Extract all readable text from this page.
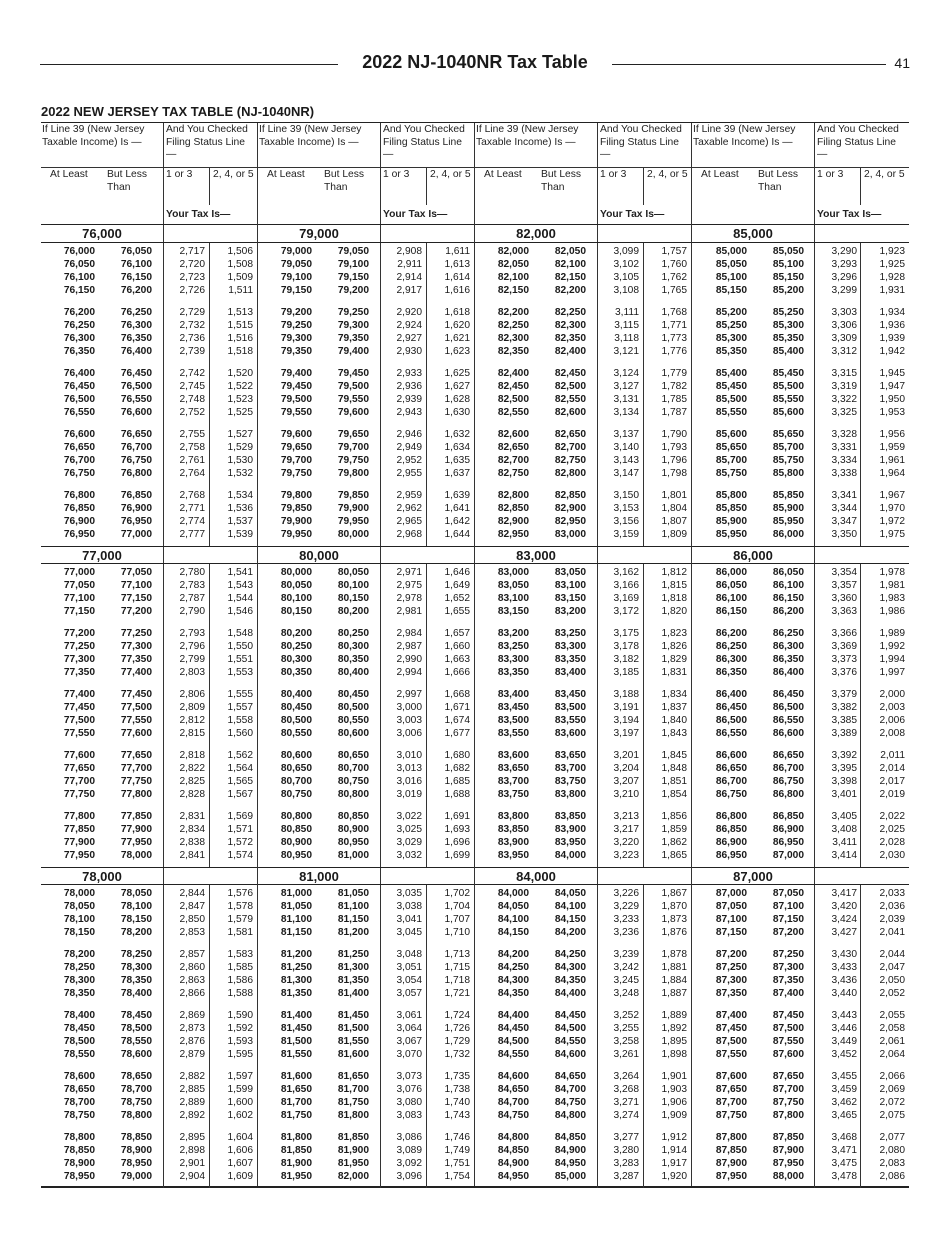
2022 NJ-1040NR Tax Table	41
2022 NEW JERSEY TAX TABLE (NJ-1040NR)
If Line 39 (New Jersey Taxable Income) Is —
And You Checked Filing Status Line —
At Least But Less Than
1 or 3	2, 4, or 5
Your Tax Is—
76,000
76,000	76,050	2,717 1,506
76,050	76,100	2,720 1,508
76,100	76,150	2,723 1,509
76,150	76,200	2,726 1,511
76,200	76,250	2,729 1,513
76,250	76,300	2,732 1,515
76,300	76,350	2,736 1,516
76,350	76,400	2,739 1,518
76,400	76,450	2,742 1,520
76,450	76,500	2,745 1,522
76,500	76,550	2,748 1,523
76,550	76,600	2,752 1,525
76,600	76,650	2,755 1,527
76,650	76,700	2,758 1,529
76,700	76,750	2,761 1,530
76,750	76,800	2,764 1,532
76,800	76,850	2,768 1,534
76,850	76,900	2,771 1,536
76,900	76,950	2,774 1,537
76,950	77,000	2,777 1,539
77,000
77,000	77,050	2,780 1,541
77,050	77,100	2,783 1,543
77,100	77,150	2,787 1,544
77,150	77,200	2,790 1,546
77,200	77,250	2,793 1,548
77,250	77,300	2,796 1,550
77,300	77,350	2,799 1,551
77,350	77,400	2,803 1,553
77,400	77,450	2,806 1,555
77,450	77,500	2,809 1,557
77,500	77,550	2,812 1,558
77,550	77,600	2,815 1,560
77,600	77,650	2,818 1,562
77,650	77,700	2,822 1,564
77,700	77,750	2,825 1,565
77,750	77,800	2,828 1,567
77,800	77,850	2,831 1,569
77,850	77,900	2,834 1,571
77,900	77,950	2,838 1,572
77,950	78,000	2,841 1,574
78,000
78,000	78,050	2,844 1,576
78,050	78,100	2,847 1,578
78,100	78,150	2,850 1,579
78,150	78,200	2,853 1,581
78,200	78,250	2,857 1,583
78,250	78,300	2,860 1,585
78,300	78,350	2,863 1,586
78,350	78,400	2,866 1,588
78,400	78,450	2,869 1,590
78,450	78,500	2,873 1,592
78,500	78,550	2,876 1,593
78,550	78,600	2,879 1,595
78,600	78,650	2,882 1,597
78,650	78,700	2,885 1,599
78,700	78,750	2,889 1,600
78,750	78,800	2,892 1,602
78,800	78,850	2,895 1,604
78,850	78,900	2,898 1,606
78,900	78,950	2,901 1,607
78,950	79,000	2,904 1,609
If Line 39 (New Jersey Taxable Income) Is —
And You Checked Filing Status Line —
At Least But Less Than
1 or 3	2, 4, or 5
Your Tax Is—
79,000
79,000	79,050	2,908 1,611
79,050	79,100	2,911 1,613
79,100	79,150	2,914 1,614
79,150	79,200	2,917 1,616
79,200	79,250	2,920 1,618
79,250	79,300	2,924 1,620
79,300	79,350	2,927 1,621
79,350	79,400	2,930 1,623
79,400	79,450	2,933 1,625
79,450	79,500	2,936 1,627
79,500	79,550	2,939 1,628
79,550	79,600	2,943 1,630
79,600	79,650	2,946 1,632
79,650	79,700	2,949 1,634
79,700	79,750	2,952 1,635
79,750	79,800	2,955 1,637
79,800	79,850	2,959 1,639
79,850	79,900	2,962 1,641
79,900	79,950	2,965 1,642
79,950	80,000	2,968 1,644
80,000
80,000	80,050	2,971 1,646
80,050	80,100	2,975 1,649
80,100	80,150	2,978 1,652
80,150	80,200	2,981 1,655
80,200	80,250	2,984 1,657
80,250	80,300	2,987 1,660
80,300	80,350	2,990 1,663
80,350	80,400	2,994 1,666
80,400	80,450	2,997 1,668
80,450	80,500	3,000 1,671
80,500	80,550	3,003 1,674
80,550	80,600	3,006 1,677
80,600	80,650	3,010 1,680
80,650	80,700	3,013 1,682
80,700	80,750	3,016 1,685
80,750	80,800	3,019 1,688
80,800	80,850	3,022 1,691
80,850	80,900	3,025 1,693
80,900	80,950	3,029 1,696
80,950	81,000	3,032 1,699
81,000
81,000	81,050	3,035 1,702
81,050	81,100	3,038 1,704
81,100	81,150	3,041 1,707
81,150	81,200	3,045 1,710
81,200	81,250	3,048 1,713
81,250	81,300	3,051 1,715
81,300	81,350	3,054 1,718
81,350	81,400	3,057 1,721
81,400	81,450	3,061 1,724
81,450	81,500	3,064 1,726
81,500	81,550	3,067 1,729
81,550	81,600	3,070 1,732
81,600	81,650	3,073 1,735
81,650	81,700	3,076 1,738
81,700	81,750	3,080 1,740
81,750	81,800	3,083 1,743
81,800	81,850	3,086 1,746
81,850	81,900	3,089 1,749
81,900	81,950	3,092 1,751
81,950	82,000	3,096 1,754
If Line 39 (New Jersey Taxable Income) Is —
And You Checked Filing Status Line —
At Least But Less Than
1 or 3	2, 4, or 5
Your Tax Is—
82,000
82,000	82,050	3,099 1,757
82,050	82,100	3,102 1,760
82,100	82,150	3,105 1,762
82,150	82,200	3,108 1,765
82,200	82,250	3,111 1,768
82,250	82,300	3,115 1,771
82,300	82,350	3,118 1,773
82,350	82,400	3,121 1,776
82,400	82,450	3,124 1,779
82,450	82,500	3,127 1,782
82,500	82,550	3,131 1,785
82,550	82,600	3,134 1,787
82,600	82,650	3,137 1,790
82,650	82,700	3,140 1,793
82,700	82,750	3,143 1,796
82,750	82,800	3,147 1,798
82,800	82,850	3,150 1,801
82,850	82,900	3,153 1,804
82,900	82,950	3,156 1,807
82,950	83,000	3,159 1,809
83,000
83,000	83,050	3,162 1,812
83,050	83,100	3,166 1,815
83,100	83,150	3,169 1,818
83,150	83,200	3,172 1,820
83,200	83,250	3,175 1,823
83,250	83,300	3,178 1,826
83,300	83,350	3,182 1,829
83,350	83,400	3,185 1,831
83,400	83,450	3,188 1,834
83,450	83,500	3,191 1,837
83,500	83,550	3,194 1,840
83,550	83,600	3,197 1,843
83,600	83,650	3,201 1,845
83,650	83,700	3,204 1,848
83,700	83,750	3,207 1,851
83,750	83,800	3,210 1,854
83,800	83,850	3,213 1,856
83,850	83,900	3,217 1,859
83,900	83,950	3,220 1,862
83,950	84,000	3,223 1,865
84,000
84,000	84,050	3,226 1,867
84,050	84,100	3,229 1,870
84,100	84,150	3,233 1,873
84,150	84,200	3,236 1,876
84,200	84,250	3,239 1,878
84,250	84,300	3,242 1,881
84,300	84,350	3,245 1,884
84,350	84,400	3,248 1,887
84,400	84,450	3,252 1,889
84,450	84,500	3,255 1,892
84,500	84,550	3,258 1,895
84,550	84,600	3,261 1,898
84,600	84,650	3,264 1,901
84,650	84,700	3,268 1,903
84,700	84,750	3,271 1,906
84,750	84,800	3,274 1,909
84,800	84,850	3,277 1,912
84,850	84,900	3,280 1,914
84,900	84,950	3,283 1,917
84,950	85,000	3,287 1,920
If Line 39 (New Jersey Taxable Income) Is —
And You Checked Filing Status Line —
At Least But Less Than
1 or 3	2, 4, or 5
Your Tax Is—
85,000
85,000	85,050	3,290 1,923
85,050	85,100	3,293 1,925
85,100	85,150	3,296 1,928
85,150	85,200	3,299 1,931
85,200	85,250	3,303 1,934
85,250	85,300	3,306 1,936
85,300	85,350	3,309 1,939
85,350	85,400	3,312 1,942
85,400	85,450	3,315 1,945
85,450	85,500	3,319 1,947
85,500	85,550	3,322 1,950
85,550	85,600	3,325 1,953
85,600	85,650	3,328 1,956
85,650	85,700	3,331 1,959
85,700	85,750	3,334 1,961
85,750	85,800	3,338 1,964
85,800	85,850	3,341 1,967
85,850	85,900	3,344 1,970
85,900	85,950	3,347 1,972
85,950	86,000	3,350 1,975
86,000
86,000	86,050	3,354 1,978
86,050	86,100	3,357 1,981
86,100	86,150	3,360 1,983
86,150	86,200	3,363 1,986
86,200	86,250	3,366 1,989
86,250	86,300	3,369 1,992
86,300	86,350	3,373 1,994
86,350	86,400	3,376 1,997
86,400	86,450	3,379 2,000
86,450	86,500	3,382 2,003
86,500	86,550	3,385 2,006
86,550	86,600	3,389 2,008
86,600	86,650	3,392 2,011
86,650	86,700	3,395 2,014
86,700	86,750	3,398 2,017
86,750	86,800	3,401 2,019
86,800	86,850	3,405 2,022
86,850	86,900	3,408 2,025
86,900	86,950	3,411 2,028
86,950	87,000	3,414 2,030
87,000
87,000	87,050	3,417 2,033
87,050	87,100	3,420 2,036
87,100	87,150	3,424 2,039
87,150	87,200	3,427 2,041
87,200	87,250	3,430 2,044
87,250	87,300	3,433 2,047
87,300	87,350	3,436 2,050
87,350	87,400	3,440 2,052
87,400	87,450	3,443 2,055
87,450	87,500	3,446 2,058
87,500	87,550	3,449 2,061
87,550	87,600	3,452 2,064
87,600	87,650	3,455 2,066
87,650	87,700	3,459 2,069
87,700	87,750	3,462 2,072
87,750	87,800	3,465 2,075
87,800	87,850	3,468 2,077
87,850	87,900	3,471 2,080
87,900	87,950	3,475 2,083
87,950	88,000	3,478 2,086
